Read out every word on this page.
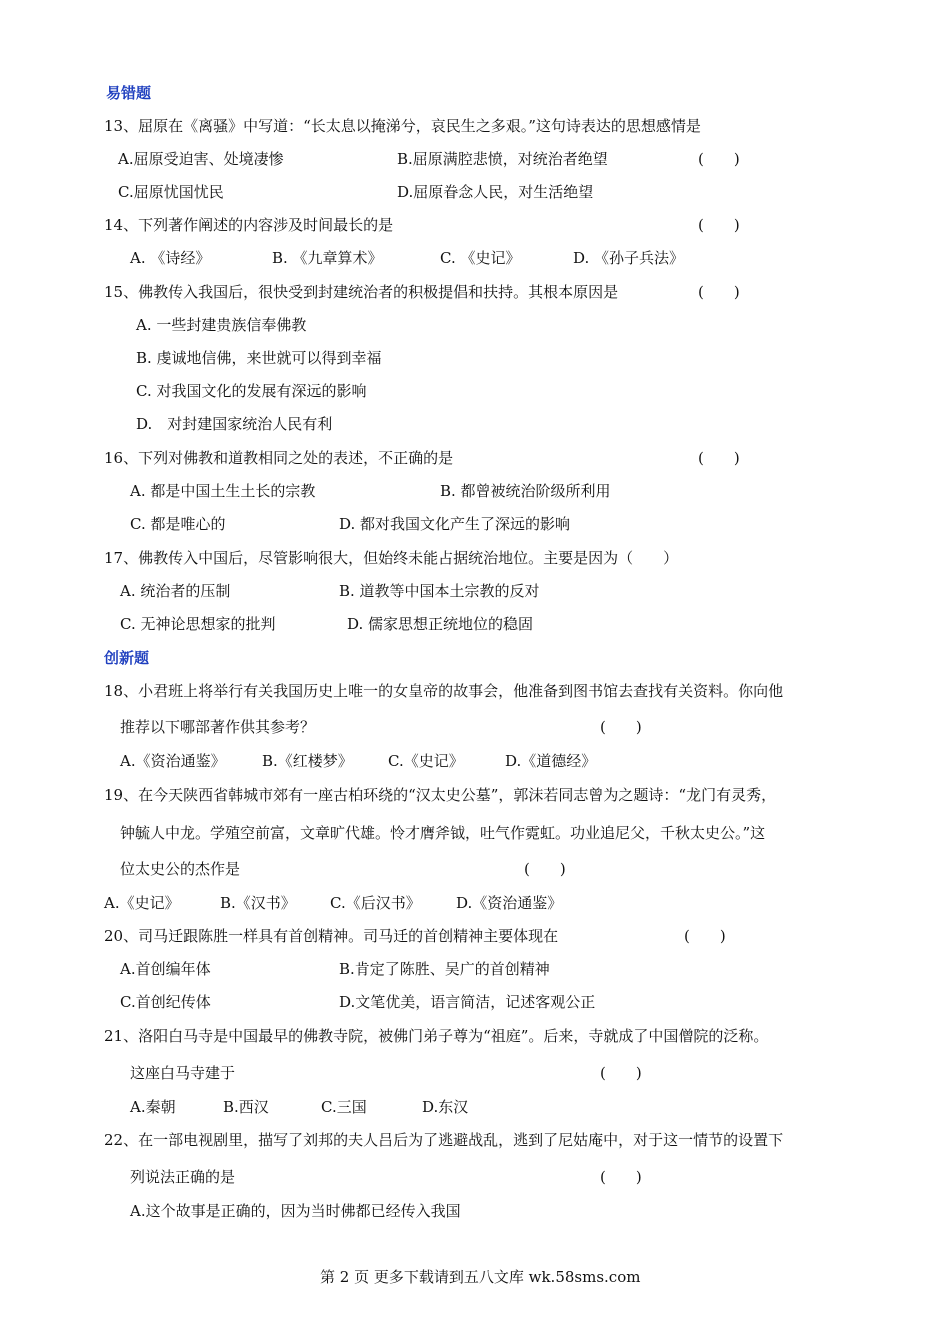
易错题
13、屈原在《离骚》中写道：“长太息以掩涕兮，哀民生之多艰。”这句诗表达的思想感情是
A.屈原受迫害、处境凄惨	B.屈原满腔悲愤，对统治者绝望	(　　)
C.屈原忧国忧民	D.屈原眷念人民，对生活绝望
14、下列著作阐述的内容涉及时间最长的是	(　　)
A. 《诗经》	B. 《九章算术》	C. 《史记》	D. 《孙子兵法》
15、佛教传入我国后，很快受到封建统治者的积极提倡和扶持。其根本原因是	(　　)
A. 一些封建贵族信奉佛教
B. 虔诚地信佛，来世就可以得到幸福
C. 对我国文化的发展有深远的影响
D.　对封建国家统治人民有利
16、下列对佛教和道教相同之处的表述，不正确的是	(　　)
A. 都是中国土生土长的宗教	B. 都曾被统治阶级所利用
C. 都是唯心的	D. 都对我国文化产生了深远的影响
17、佛教传入中国后，尽管影响很大，但始终未能占据统治地位。主要是因为（　　）
A. 统治者的压制	B. 道教等中国本土宗教的反对
C. 无神论思想家的批判	D. 儒家思想正统地位的稳固
创新题
18、小君班上将举行有关我国历史上唯一的女皇帝的故事会，他准备到图书馆去查找有关资料。你向他
推荐以下哪部著作供其参考？	(　　)
A.《资治通鉴》 B.《红楼梦》 C.《史记》	D.《道德经》
19、在今天陕西省韩城市郊有一座古柏环绕的“汉太史公墓”，郭沫若同志曾为之题诗：“龙门有灵秀，
钟毓人中龙。学殖空前富，文章旷代雄。怜才膺斧钺，吐气作霓虹。功业追尼父，千秋太史公。”这
位太史公的杰作是	(　　)
A.《史记》	B.《汉书》 C.《后汉书》 D.《资治通鉴》
20、司马迁跟陈胜一样具有首创精神。司马迁的首创精神主要体现在	(　　)
A.首创编年体	B.肯定了陈胜、吴广的首创精神
C.首创纪传体	D.文笔优美，语言简洁，记述客观公正
21、洛阳白马寺是中国最早的佛教寺院，被佛门弟子尊为“祖庭”。后来，寺就成了中国僧院的泛称。
这座白马寺建于	(　　)
A.秦朝	B.西汉	C.三国	D.东汉
22、在一部电视剧里，描写了刘邦的夫人吕后为了逃避战乱，逃到了尼姑庵中，对于这一情节的设置下
列说法正确的是	(　　)
A.这个故事是正确的，因为当时佛都已经传入我国
第 2 页 更多下载请到五八文库 wk.58sms.com
